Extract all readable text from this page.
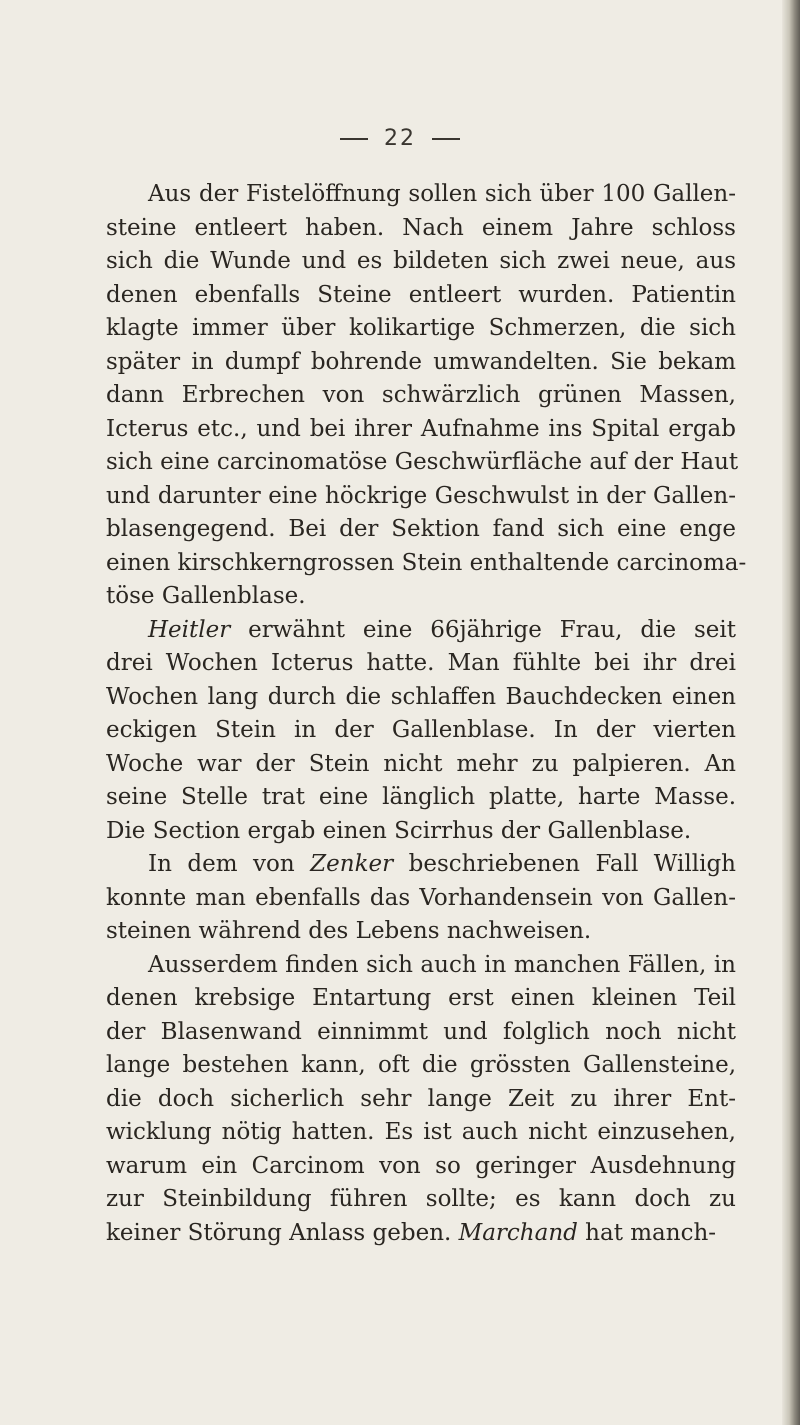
22

Aus der Fistelöffnung sollen sich über 100 Gallen-
steine entleert haben. Nach einem Jahre schloss
sich die Wunde und es bildeten sich zwei neue, aus
denen ebenfalls Steine entleert wurden. Patientin
klagte immer über kolikartige Schmerzen, die sich
später in dumpf bohrende umwandelten. Sie bekam
dann Erbrechen von schwärzlich grünen Massen,
Icterus etc., und bei ihrer Aufnahme ins Spital ergab
sich eine carcinomatöse Geschwürfläche auf der Haut
und darunter eine höckrige Geschwulst in der Gallen-
blasengegend. Bei der Sektion fand sich eine enge
einen kirschkerngrossen Stein enthaltende carcinoma-
töse Gallenblase.

Heitler erwähnt eine 66jährige Frau, die seit
drei Wochen Icterus hatte. Man fühlte bei ihr drei
Wochen lang durch die schlaffen Bauchdecken einen
eckigen Stein in der Gallenblase. In der vierten
Woche war der Stein nicht mehr zu palpieren. An
seine Stelle trat eine länglich platte, harte Masse.
Die Section ergab einen Scirrhus der Gallenblase.

In dem von Zenker beschriebenen Fall Willigh
konnte man ebenfalls das Vorhandensein von Gallen-
steinen während des Lebens nachweisen.

Ausserdem finden sich auch in manchen Fällen, in
denen krebsige Entartung erst einen kleinen Teil
der Blasenwand einnimmt und folglich noch nicht
lange bestehen kann, oft die grössten Gallensteine,
die doch sicherlich sehr lange Zeit zu ihrer Ent-
wicklung nötig hatten. Es ist auch nicht einzusehen,
warum ein Carcinom von so geringer Ausdehnung
zur Steinbildung führen sollte; es kann doch zu
keiner Störung Anlass geben. Marchand hat manch-
